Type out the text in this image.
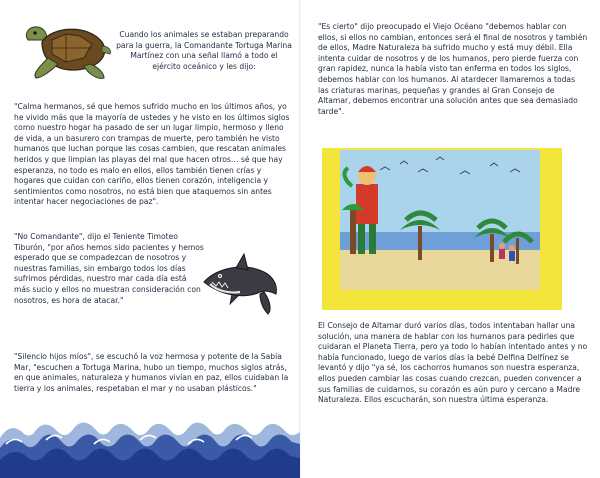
Cuando los animales se estaban preparando para la guerra, la Comandante Tortuga Marina Martínez con una señal llamó a todo el ejército oceánico y les dijo:

"Calma hermanos, sé que hemos sufrido mucho en los últimos años, yo he vivido más que la mayoría de ustedes y he visto en los últimos siglos como nuestro hogar ha pasado de ser un lugar limpio, hermoso y lleno de vida, a un basurero con trampas de muerte, pero también he visto humanos que luchan porque las cosas cambien, que rescatan animales heridos y que limpian las playas del mal que hacen otros… sé que hay esperanza, no todo es malo en ellos, ellos también tienen crías y hogares que cuidan con cariño, ellos tienen corazón, inteligencia y sentimientos como nosotros, no está bien que ataquemos sin antes intentar hacer negociaciones de paz".

"No Comandante", dijo el Teniente Timoteo Tiburón, "por años hemos sido pacientes y hemos esperado que se compadezcan de nosotros y nuestras familias, sin embargo todos los días sufrimos pérdidas, nuestro mar cada día está más sucio y ellos no muestran consideración con nosotros, es hora de atacar."

"Silencio hijos míos", se escuchó la voz hermosa y potente de la Sabia Mar, "escuchen a Tortuga Marina, hubo un tiempo, muchos siglos atrás, en que animales, naturaleza y humanos vivían en paz, ellos cuidaban la tierra y los animales, respetaban el mar y no usaban plásticos."

"Es cierto" dijo preocupado el Viejo Océano "debemos hablar con ellos, si ellos no cambian, entonces será el final de nosotros y también de ellos, Madre Naturaleza ha sufrido mucho y está muy débil. Ella intenta cuidar de nosotros y de los humanos, pero pierde fuerza con gran rapidez, nunca la había visto tan enferma en todos los siglos, debemos hablar con los humanos. Al atardecer llamaremos a todas las criaturas marinas, pequeñas y grandes al Gran Consejo de Altamar, debemos encontrar una solución antes que sea demasiado tarde".

El Consejo de Altamar duró varios días, todos intentaban hallar una solución, una manera de hablar con los humanos para pedirles que cuidaran el Planeta Tierra, pero ya todo lo habían intentado antes y no había funcionado, luego de varios días la bebé Delfina Delfínez se levantó y dijo "ya sé, los cachorros humanos son nuestra esperanza, ellos pueden cambiar las cosas cuando crezcan, pueden convencer a sus familias de cuidarnos, su corazón es aún puro y cercano a Madre Naturaleza. Ellos escucharán, son nuestra última esperanza.
